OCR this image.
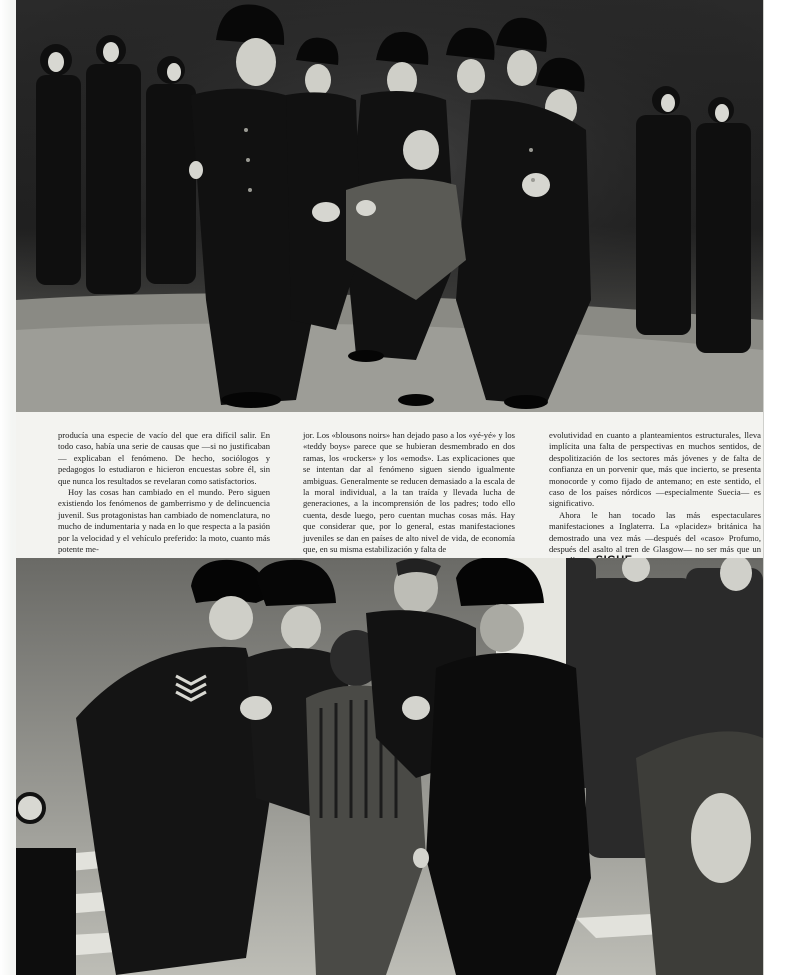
producía una especie de vacío del que era difícil salir. En todo caso, había una serie de causas que —si no justificaban— explicaban el fenómeno. De hecho, sociólogos y pedagogos lo estudiaron e hicieron encuestas sobre él, sin que nunca los resultados se revelaran como satisfactorios.

Hoy las cosas han cambiado en el mundo. Pero siguen existiendo los fenómenos de gamberrismo y de delincuencia juvenil. Sus protagonistas han cambiado de nomenclatura, no mucho de indumentaria y nada en lo que respecta a la pasión por la velocidad y el vehículo preferido: la moto, cuanto más potente me-

jor. Los «blousons noirs» han dejado paso a los «yé-yé» y los «teddy boys» parece que se hubieran desmembrado en dos ramas, los «rockers» y los «emods». Las explicaciones que se intentan dar al fenómeno siguen siendo igualmente ambiguas. Generalmente se reducen demasiado a la escala de la moral individual, a la tan traída y llevada lucha de generaciones, a la incomprensión de los padres; todo ello cuenta, desde luego, pero cuentan muchas cosas más. Hay que considerar que, por lo general, estas manifestaciones juveniles se dan en países de alto nivel de vida, de economía que, en su misma estabilización y falta de

evolutividad en cuanto a planteamientos estructurales, lleva implícita una falta de perspectivas en muchos sentidos, de despolitización de los sectores más jóvenes y de falta de confianza en un porvenir que, más que incierto, se presenta monocorde y como fijado de antemano; en este sentido, el caso de los países nórdicos —especialmente Suecia— es significativo.

Ahora le han tocado las más espectaculares manifestaciones a Inglaterra. La «placidez» británica ha demostrado una vez más —después del «caso» Profumo, después del asalto al tren de Glasgow— no ser más que un
